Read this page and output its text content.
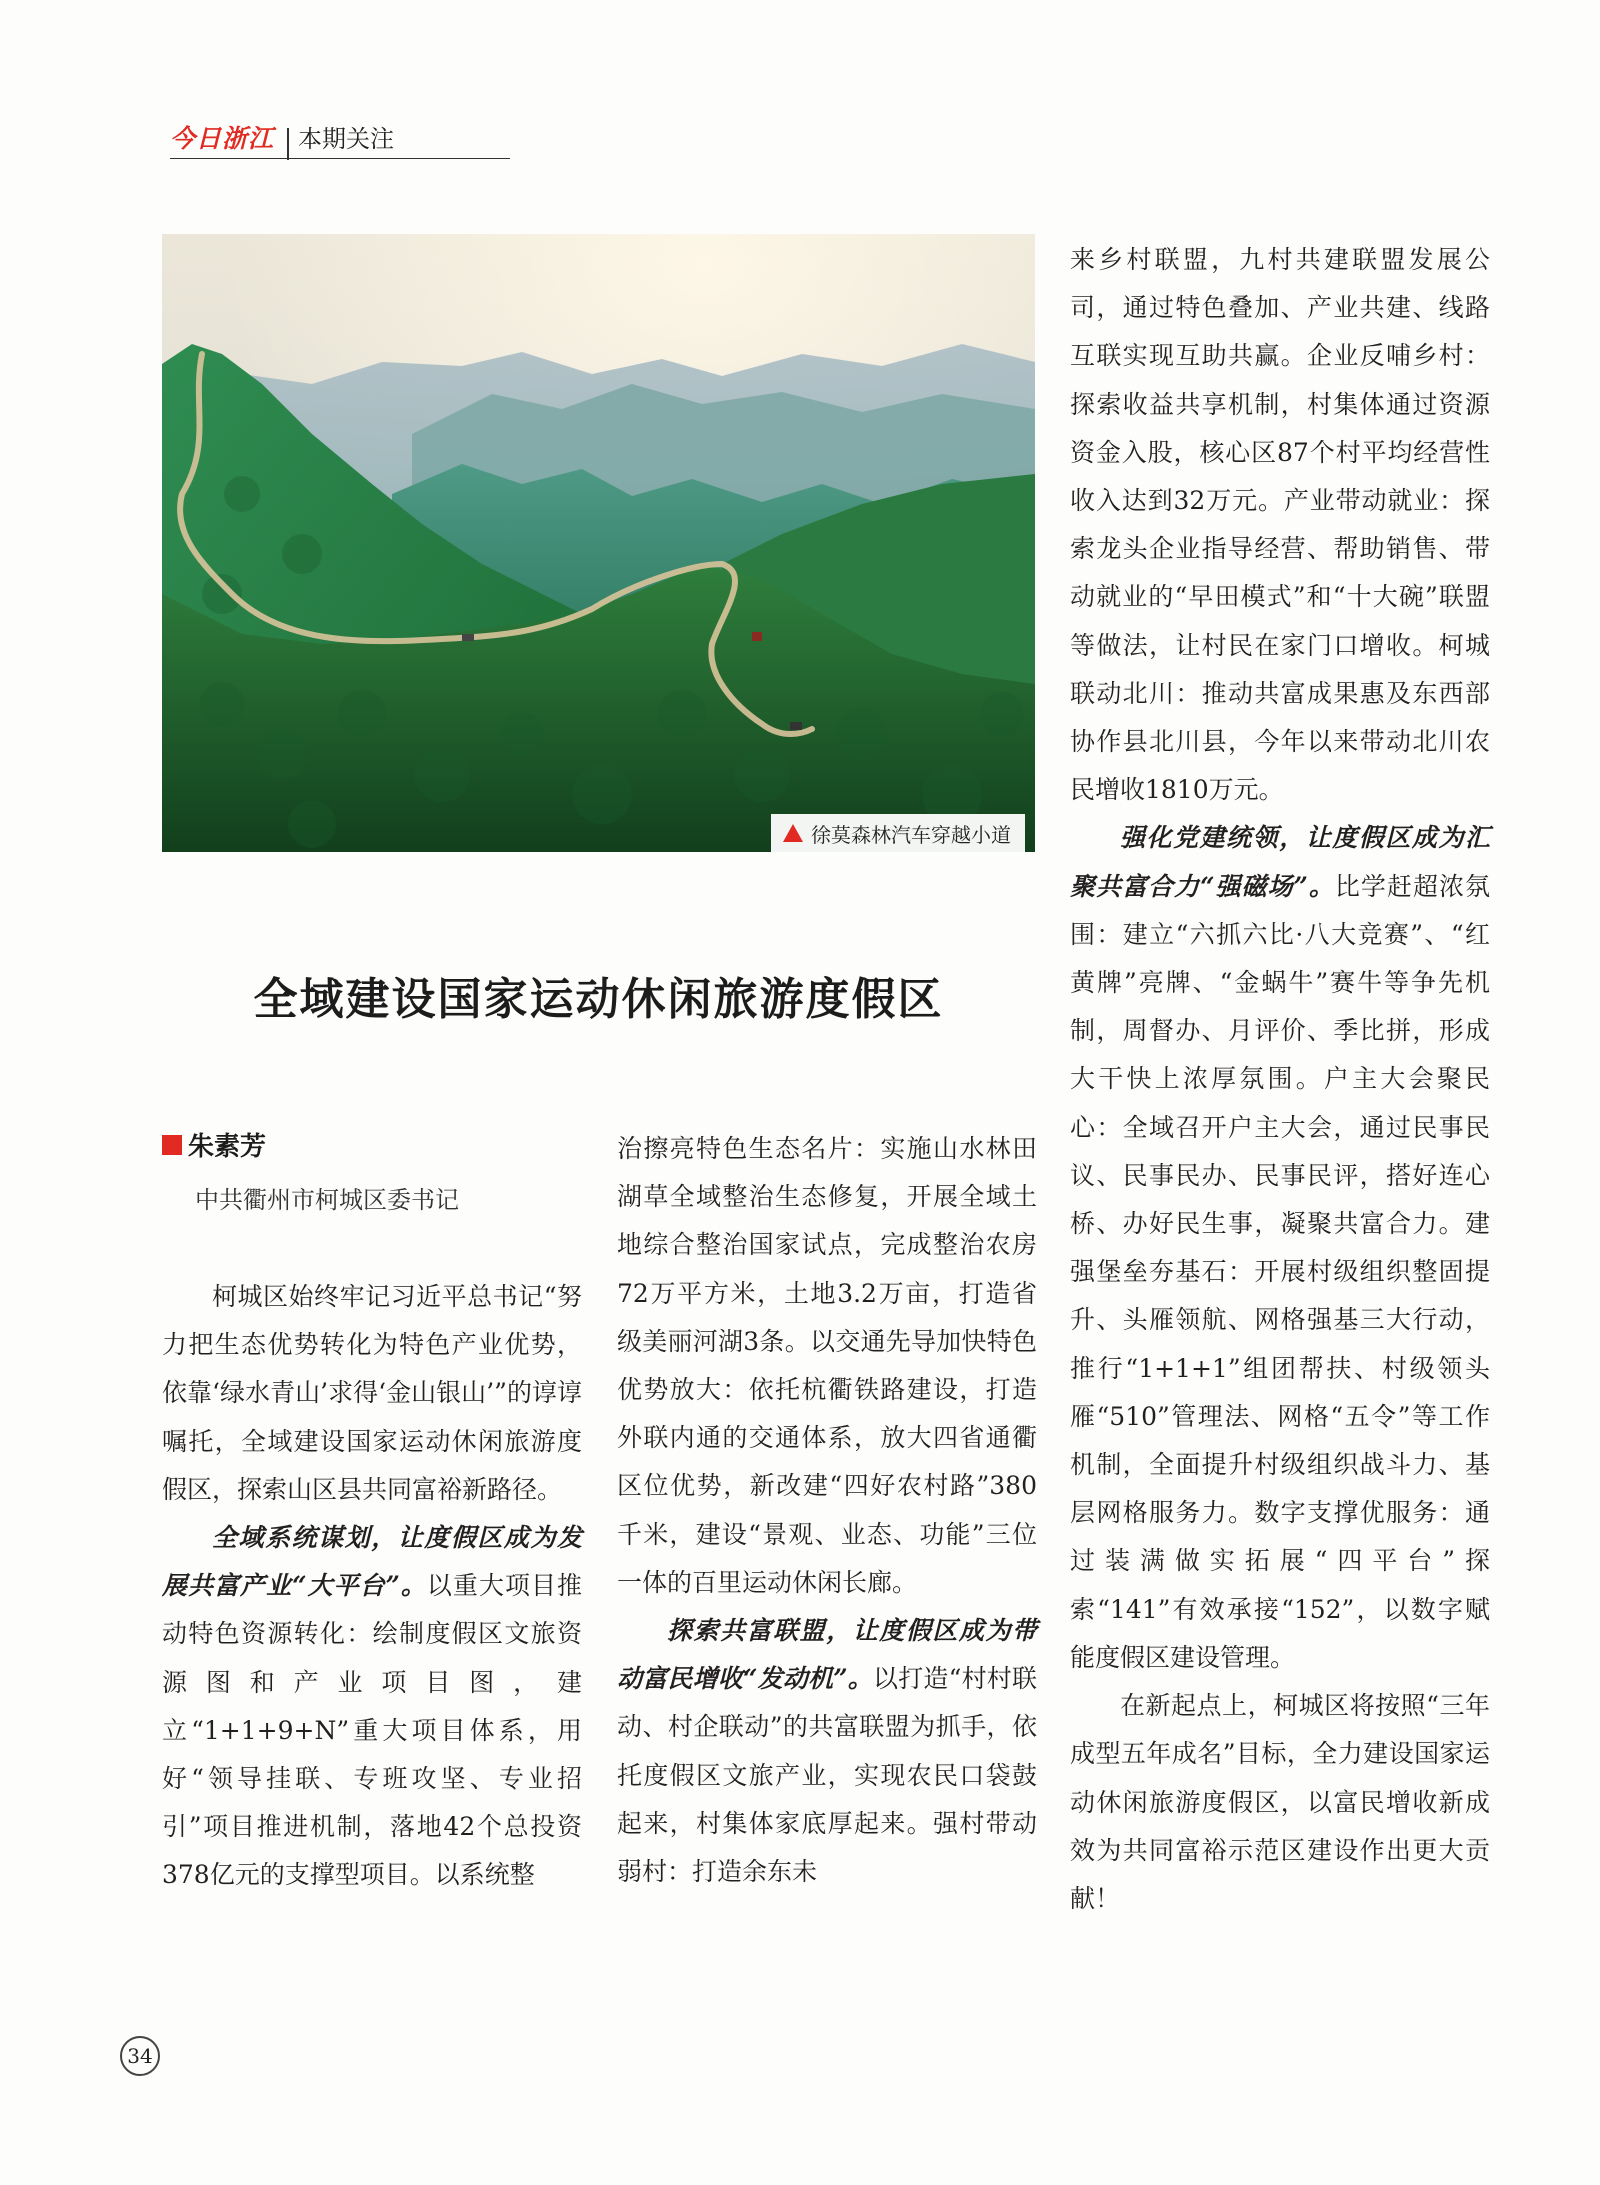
今日浙江 本期关注
徐莫森林汽车穿越小道
全域建设国家运动休闲旅游度假区
朱素芳
中共衢州市柯城区委书记

柯城区始终牢记习近平总书记“努力把生态优势转化为特色产业优势，依靠‘绿水青山’求得‘金山银山’”的谆谆嘱托，全域建设国家运动休闲旅游度假区，探索山区县共同富裕新路径。

全域系统谋划，让度假区成为发展共富产业“大平台”。以重大项目推动特色资源转化：绘制度假区文旅资源图和产业项目图，建立“1+1+9+N”重大项目体系，用好“领导挂联、专班攻坚、专业招引”项目推进机制，落地42个总投资378亿元的支撑型项目。以系统整

治擦亮特色生态名片：实施山水林田湖草全域整治生态修复，开展全域土地综合整治国家试点，完成整治农房72万平方米，土地3.2万亩，打造省级美丽河湖3条。以交通先导加快特色优势放大：依托杭衢铁路建设，打造外联内通的交通体系，放大四省通衢区位优势，新改建“四好农村路”380千米，建设“景观、业态、功能”三位一体的百里运动休闲长廊。

探索共富联盟，让度假区成为带动富民增收“发动机”。以打造“村村联动、村企联动”的共富联盟为抓手，依托度假区文旅产业，实现农民口袋鼓起来，村集体家底厚起来。强村带动弱村：打造余东未

来乡村联盟，九村共建联盟发展公司，通过特色叠加、产业共建、线路互联实现互助共赢。企业反哺乡村：探索收益共享机制，村集体通过资源资金入股，核心区87个村平均经营性收入达到32万元。产业带动就业：探索龙头企业指导经营、帮助销售、带动就业的“早田模式”和“十大碗”联盟等做法，让村民在家门口增收。柯城联动北川：推动共富成果惠及东西部协作县北川县，今年以来带动北川农民增收1810万元。

强化党建统领，让度假区成为汇聚共富合力“强磁场”。比学赶超浓氛围：建立“六抓六比·八大竞赛”、“红黄牌”亮牌、“金蜗牛”赛牛等争先机制，周督办、月评价、季比拼，形成大干快上浓厚氛围。户主大会聚民心：全域召开户主大会，通过民事民议、民事民办、民事民评，搭好连心桥、办好民生事，凝聚共富合力。建强堡垒夯基石：开展村级组织整固提升、头雁领航、网格强基三大行动，推行“1+1+1”组团帮扶、村级领头雁“510”管理法、网格“五令”等工作机制，全面提升村级组织战斗力、基层网格服务力。数字支撑优服务：通过装满做实拓展“四平台”探索“141”有效承接“152”，以数字赋能度假区建设管理。

在新起点上，柯城区将按照“三年成型五年成名”目标，全力建设国家运动休闲旅游度假区，以富民增收新成效为共同富裕示范区建设作出更大贡献！

34
